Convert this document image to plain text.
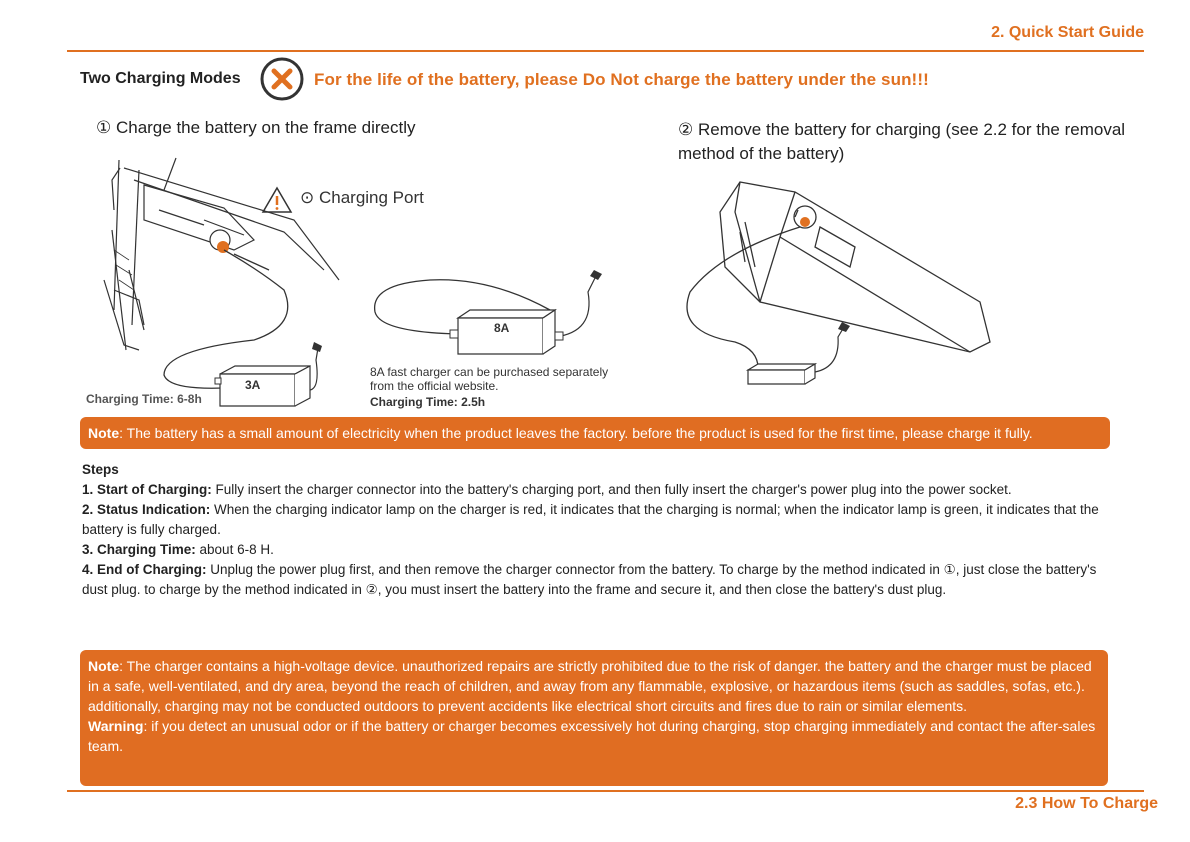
2. Quick Start Guide
Two Charging Modes	For the life of the battery, please Do Not charge the battery under the sun!!!
① Charge the battery on the frame directly	② Remove the battery for charging (see 2.2 for the removal method of the battery)
⊙ Charging Port
3A
Charging Time: 6-8h
8A
8A fast charger can be purchased separately from the official website.
Charging Time: 2.5h
Note: The battery has a small amount of electricity when the product leaves the factory. before the product is used for the first time, please charge it fully.

Steps

1. Start of Charging: Fully insert the charger connector into the battery's charging port, and then fully insert the charger's power plug into the power socket.

2. Status Indication: When the charging indicator lamp on the charger is red, it indicates that the charging is normal; when the indicator lamp is green, it indicates that the battery is fully charged.

3. Charging Time: about 6-8 H.

4. End of Charging: Unplug the power plug first, and then remove the charger connector from the battery. To charge by the method indicated in ①, just close the battery's dust plug. to charge by the method indicated in ②, you must insert the battery into the frame and secure it, and then close the battery's dust plug.

Note: The charger contains a high-voltage device. unauthorized repairs are strictly prohibited due to the risk of danger. the battery and the charger must be placed in a safe, well-ventilated, and dry area, beyond the reach of children, and away from any flammable, explosive, or hazardous items (such as saddles, sofas, etc.). additionally, charging may not be conducted outdoors to prevent accidents like electrical short circuits and fires due to rain or similar elements.

Warning: if you detect an unusual odor or if the battery or charger becomes excessively hot during charging, stop charging immediately and contact the after-sales team.

2.3 How To Charge
